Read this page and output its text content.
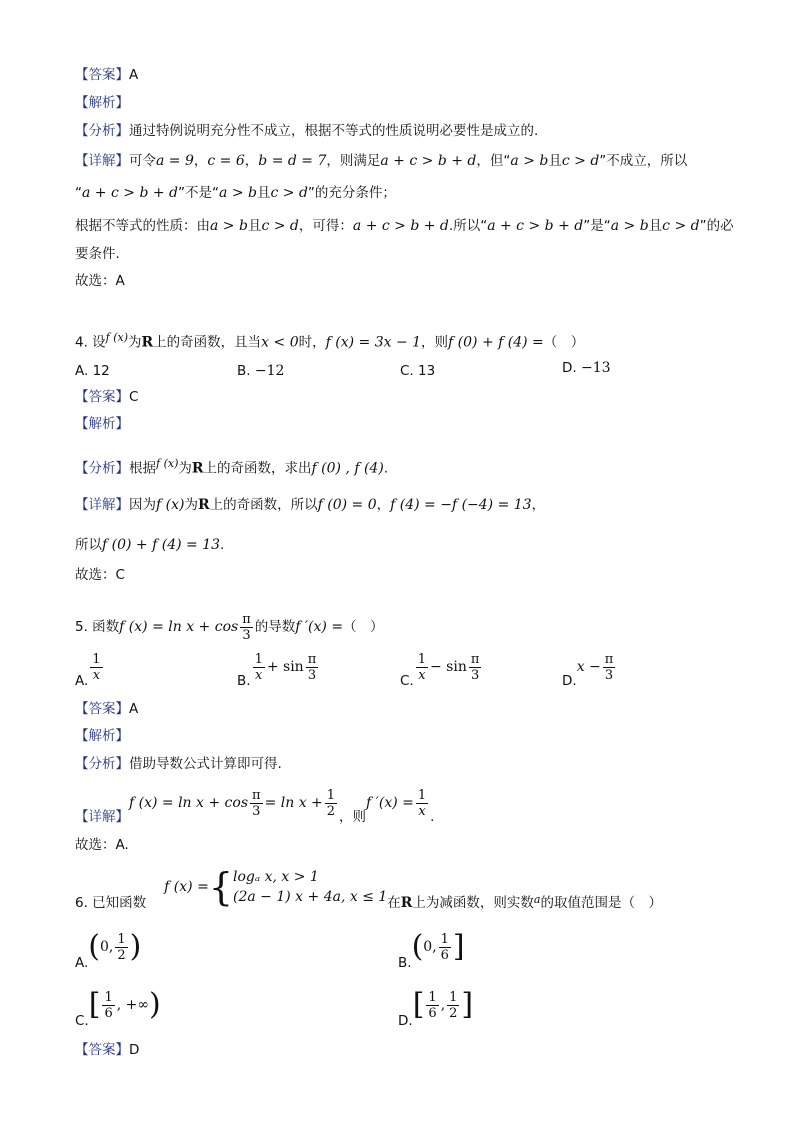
【答案】A
【解析】
【分析】通过特例说明充分性不成立，根据不等式的性质说明必要性是成立的.
【详解】可令a = 9，c = 6，b = d = 7，则满足a + c > b + d，但“a > b且c > d”不成立，所以
“a + c > b + d”不是“a > b且c > d”的充分条件；
根据不等式的性质：由a > b且c > d，可得：a + c > b + d.所以“a + c > b + d”是“a > b且c > d”的必
要条件.
故选：A
4. 设$^{f (x)}$为R上的奇函数，且当x < 0时，f (x) = 3x − 1，则f (0) + f (4) =（　）
A. 12	B. −12	C. 13	D. −13
【答案】C
【解析】
【分析】根据$^{f (x)}$为R上的奇函数，求出f (0) , f (4).
【详解】因为f (x)为R上的奇函数，所以f (0) = 0，f (4) = −f (−4) = 13，
所以f (0) + f (4) = 13.
故选：C
5. 函数f $(x) = \ln x + \cos \frac{\pi}{3}$ 的导数f ′(x) =（　）
A. $\frac{1}{x}$	B. $\frac{1}{x} + \sin \frac{\pi}{3}$	C. $\frac{1}{x} - \sin \frac{\pi}{3}$	$D.x - \frac{\pi}{3}$
【答案】A
【解析】
【分析】借助导数公式计算即可得.
【详解】f $(x) = \ln x + \cos \frac{\pi}{3} = \ln x + \frac{1}{2}$ ，则f $'(x) = \frac{1}{x}$ .
故选：A.
6. 已知函数f (x) ={ logₐ x, x > 1
(2a − 1) x + 4a, x ≤ 1 在R上为减函数，则实数$_a$的取值范围是（　）
A.(0, $\frac{1}{2}$ )	B.(0, $\frac{1}{6}$ ]
$C.[ \frac{1}{6}$ , +∞)	$D.[ \frac{1}{6}$ , $\frac{1}{2}$ ]
【答案】D
